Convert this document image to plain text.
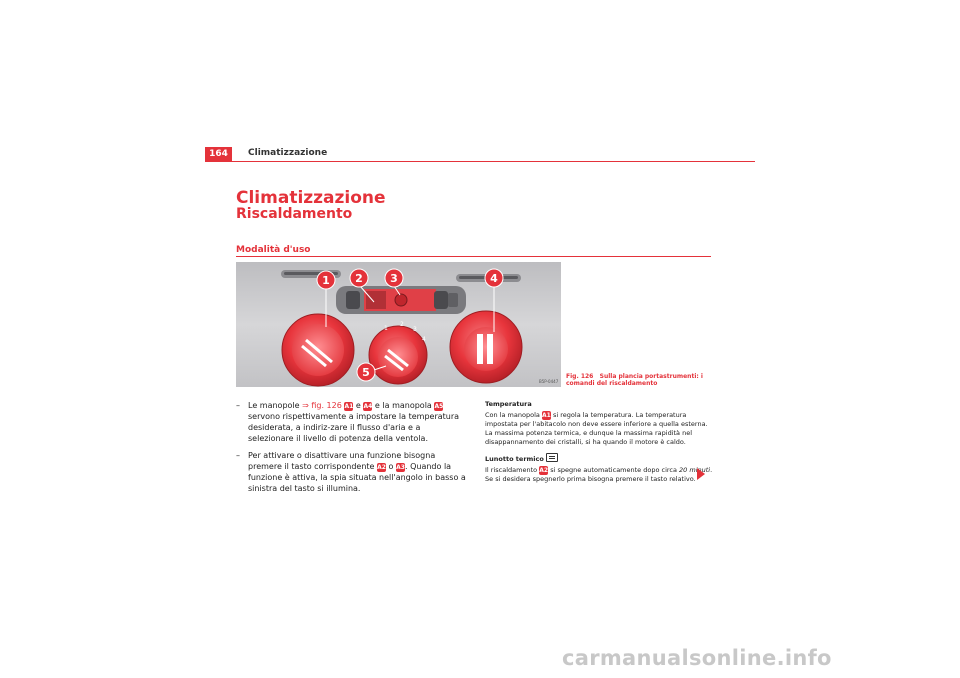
164	Climatizzazione
Climatizzazione
Riscaldamento
Modalità d'uso
1
2
3
4
1 2 3	4
5
B5P-0447
Fig. 126 Sulla plancia portastrumenti: i comandi del riscaldamento
– Le manopole ⇒ fig. 126 A1 e A4 e la manopola A5 servono rispettivamente a impostare la temperatura desiderata, a indiriz-zare il flusso d'aria e a selezionare il livello di potenza della ventola.
– Per attivare o disattivare una funzione bisogna premere il tasto corrispondente A2 o A3. Quando la funzione è attiva, la spia situata nell'angolo in basso a sinistra del tasto si illumina.
Temperatura

Con la manopola A1 si regola la temperatura. La temperatura impostata per l'abitacolo non deve essere inferiore a quella esterna. La massima potenza termica, e dunque la massima rapidità nel disappannamento dei cristalli, si ha quando il motore è caldo.

Lunotto termico

Il riscaldamento A2 si spegne automaticamente dopo circa 20 minuti. Se si desidera spegnerlo prima bisogna premere il tasto relativo.

carmanualsonline.info
